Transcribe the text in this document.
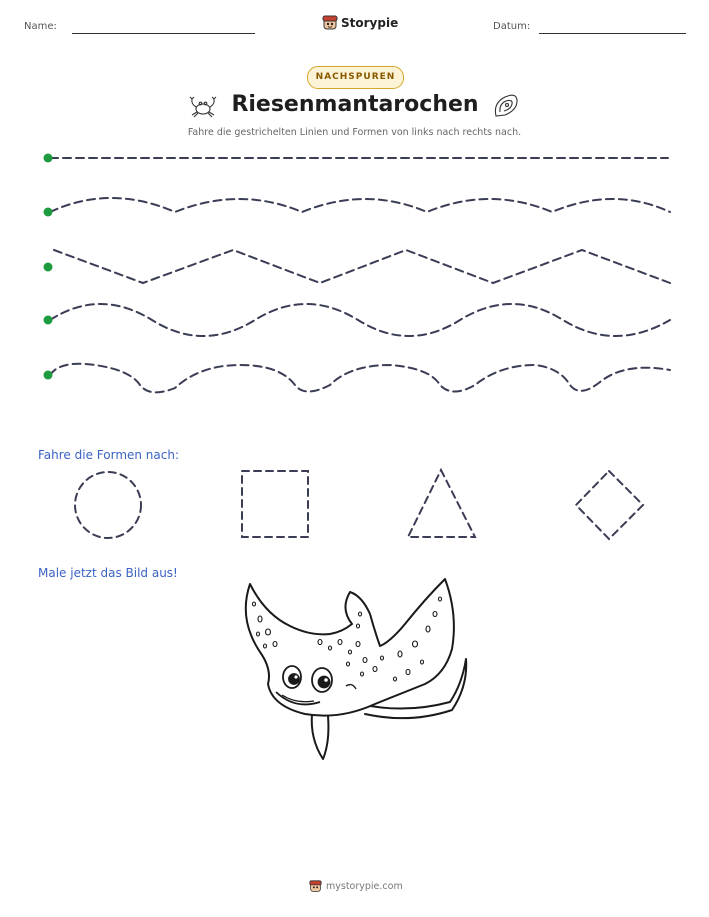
Name:	Storypie	Datum:
NACHSPUREN
Riesenmantarochen
Fahre die gestrichelten Linien und Formen von links nach rechts nach.
Fahre die Formen nach:
Male jetzt das Bild aus!
mystorypie.com
